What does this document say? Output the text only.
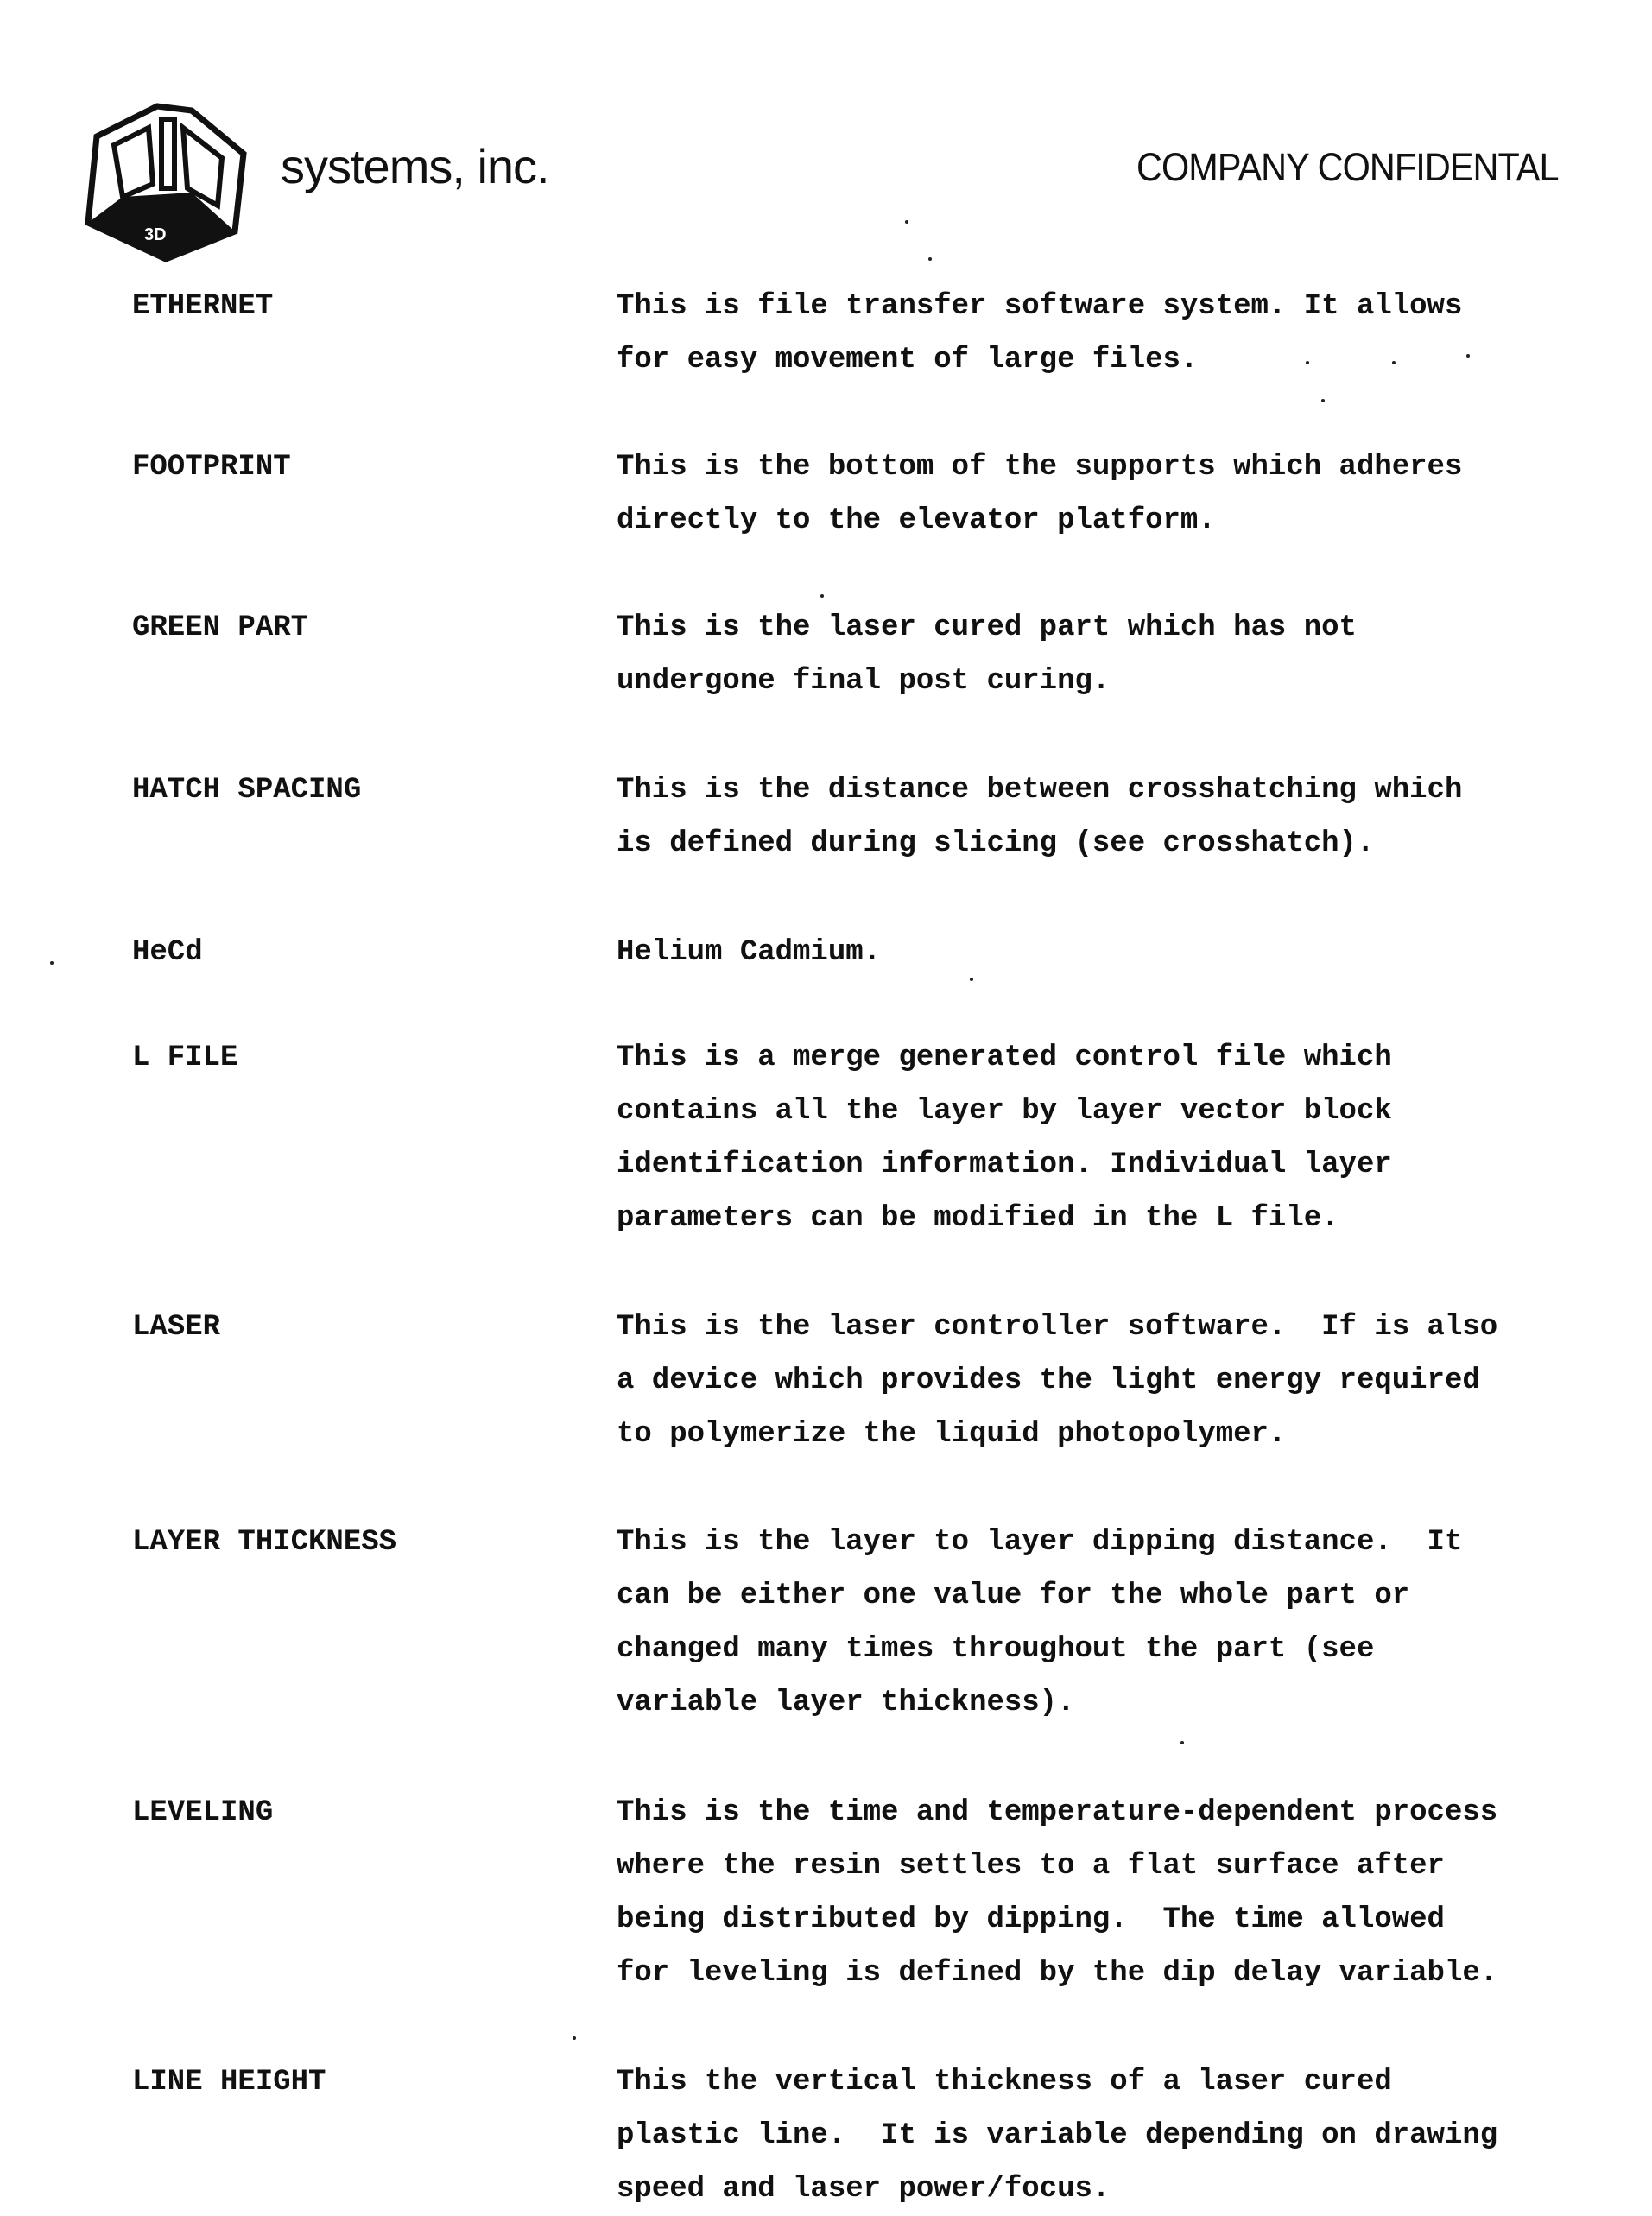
3D
systems, inc.	COMPANY CONFIDENTAL
ETHERNET	This is file transfer software system. It allows
for easy movement of large files.
FOOTPRINT	This is the bottom of the supports which adheres
directly to the elevator platform.
GREEN PART	This is the laser cured part which has not
undergone final post curing.
HATCH SPACING	This is the distance between crosshatching which
is defined during slicing (see crosshatch).
HeCd	Helium Cadmium.
L FILE	This is a merge generated control file which
contains all the layer by layer vector block
identification information. Individual layer
parameters can be modified in the L file.
LASER	This is the laser controller software.  If is also
a device which provides the light energy required
to polymerize the liquid photopolymer.
LAYER THICKNESS	This is the layer to layer dipping distance.  It
can be either one value for the whole part or
changed many times throughout the part (see
variable layer thickness).
LEVELING	This is the time and temperature-dependent process
where the resin settles to a flat surface after
being distributed by dipping.  The time allowed
for leveling is defined by the dip delay variable.
LINE HEIGHT	This the vertical thickness of a laser cured
plastic line.  It is variable depending on drawing
speed and laser power/focus.
